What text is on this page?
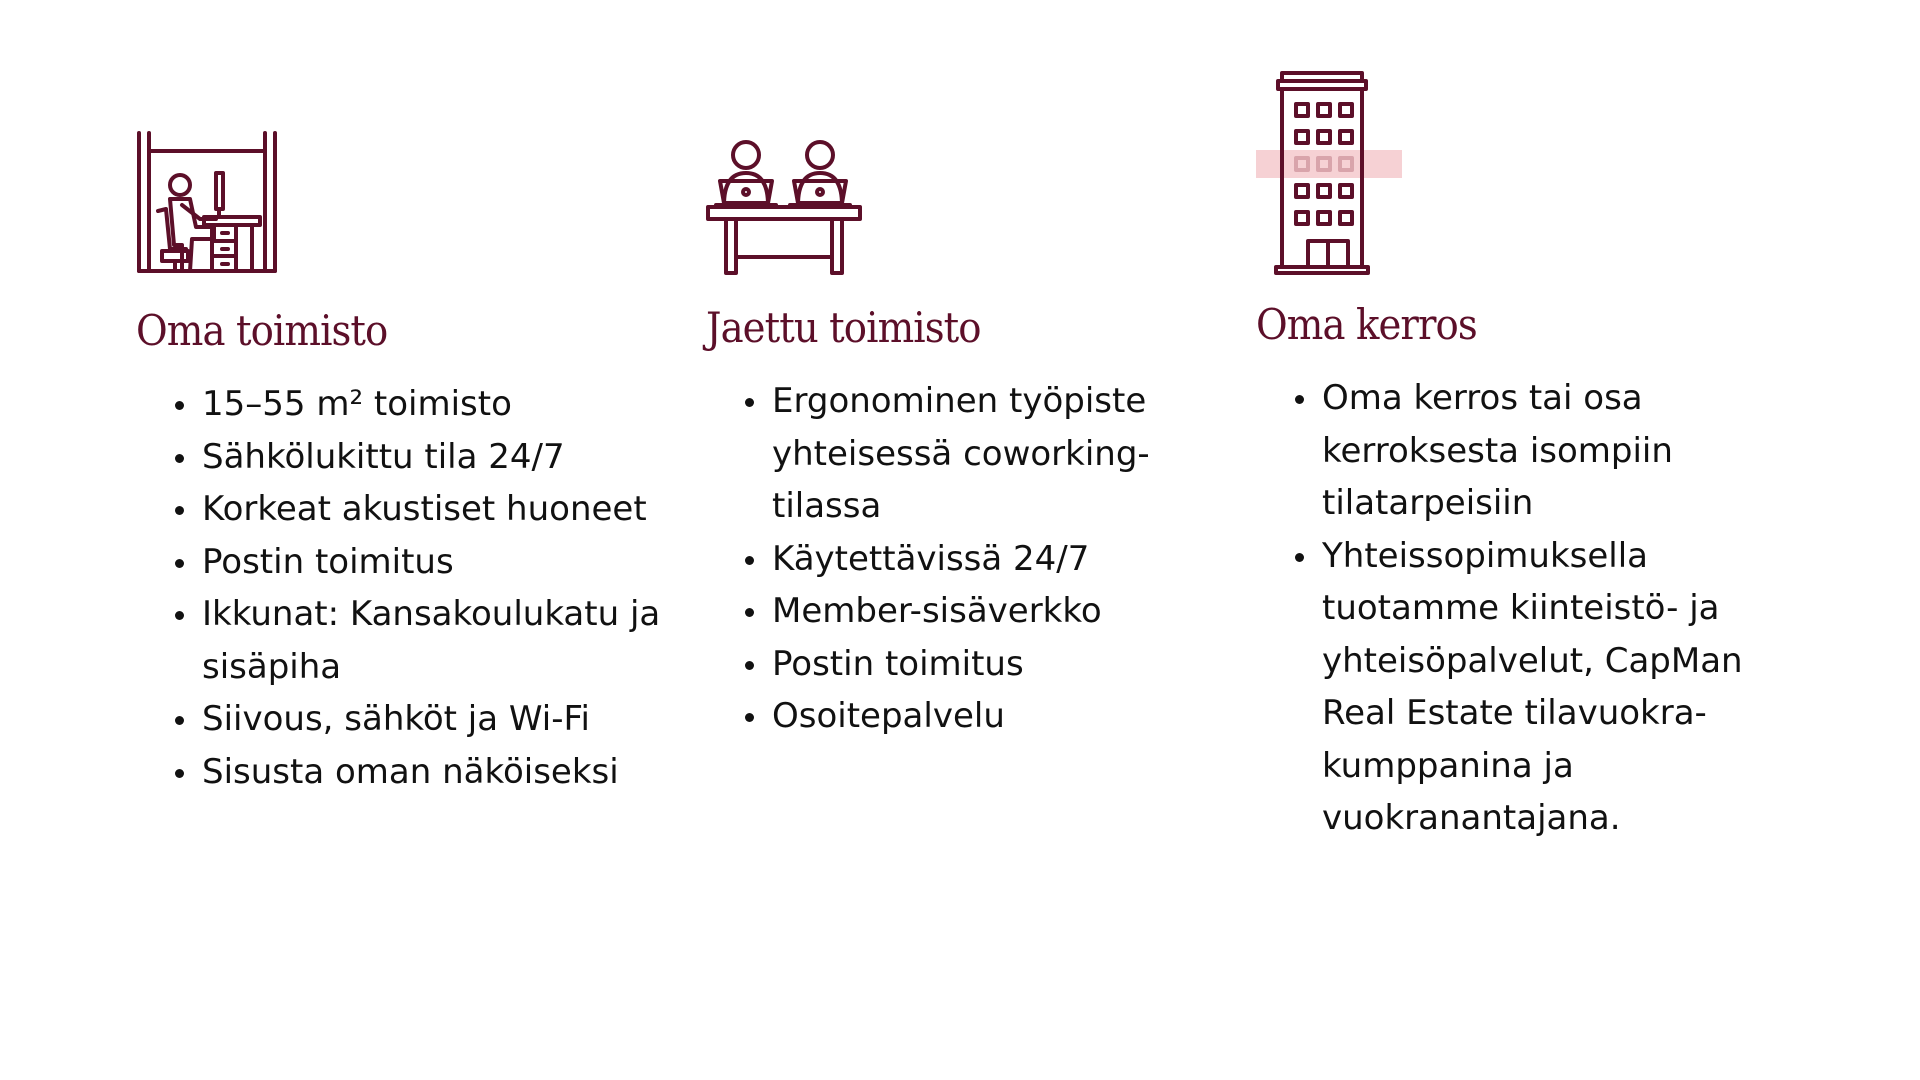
Oma toimisto
• 15–55 m² toimisto
• Sähkölukittu tila 24/7
• Korkeat akustiset huoneet
• Postin toimitus
• Ikkunat: Kansakoulukatu ja sisäpiha
• Siivous, sähköt ja Wi-Fi
• Sisusta oman näköiseksi
Jaettu toimisto
• Ergonominen työpiste yhteisessä coworking-tilassa
• Käytettävissä 24/7
• Member-sisäverkko
• Postin toimitus
• Osoitepalvelu
Oma kerros
• Oma kerros tai osa kerroksesta isompiin tilatarpeisiin
• Yhteissopimuksella tuotamme kiinteistö- ja yhteisöpalvelut, CapMan Real Estate tilavuokra-kumppanina ja vuokranantajana.
